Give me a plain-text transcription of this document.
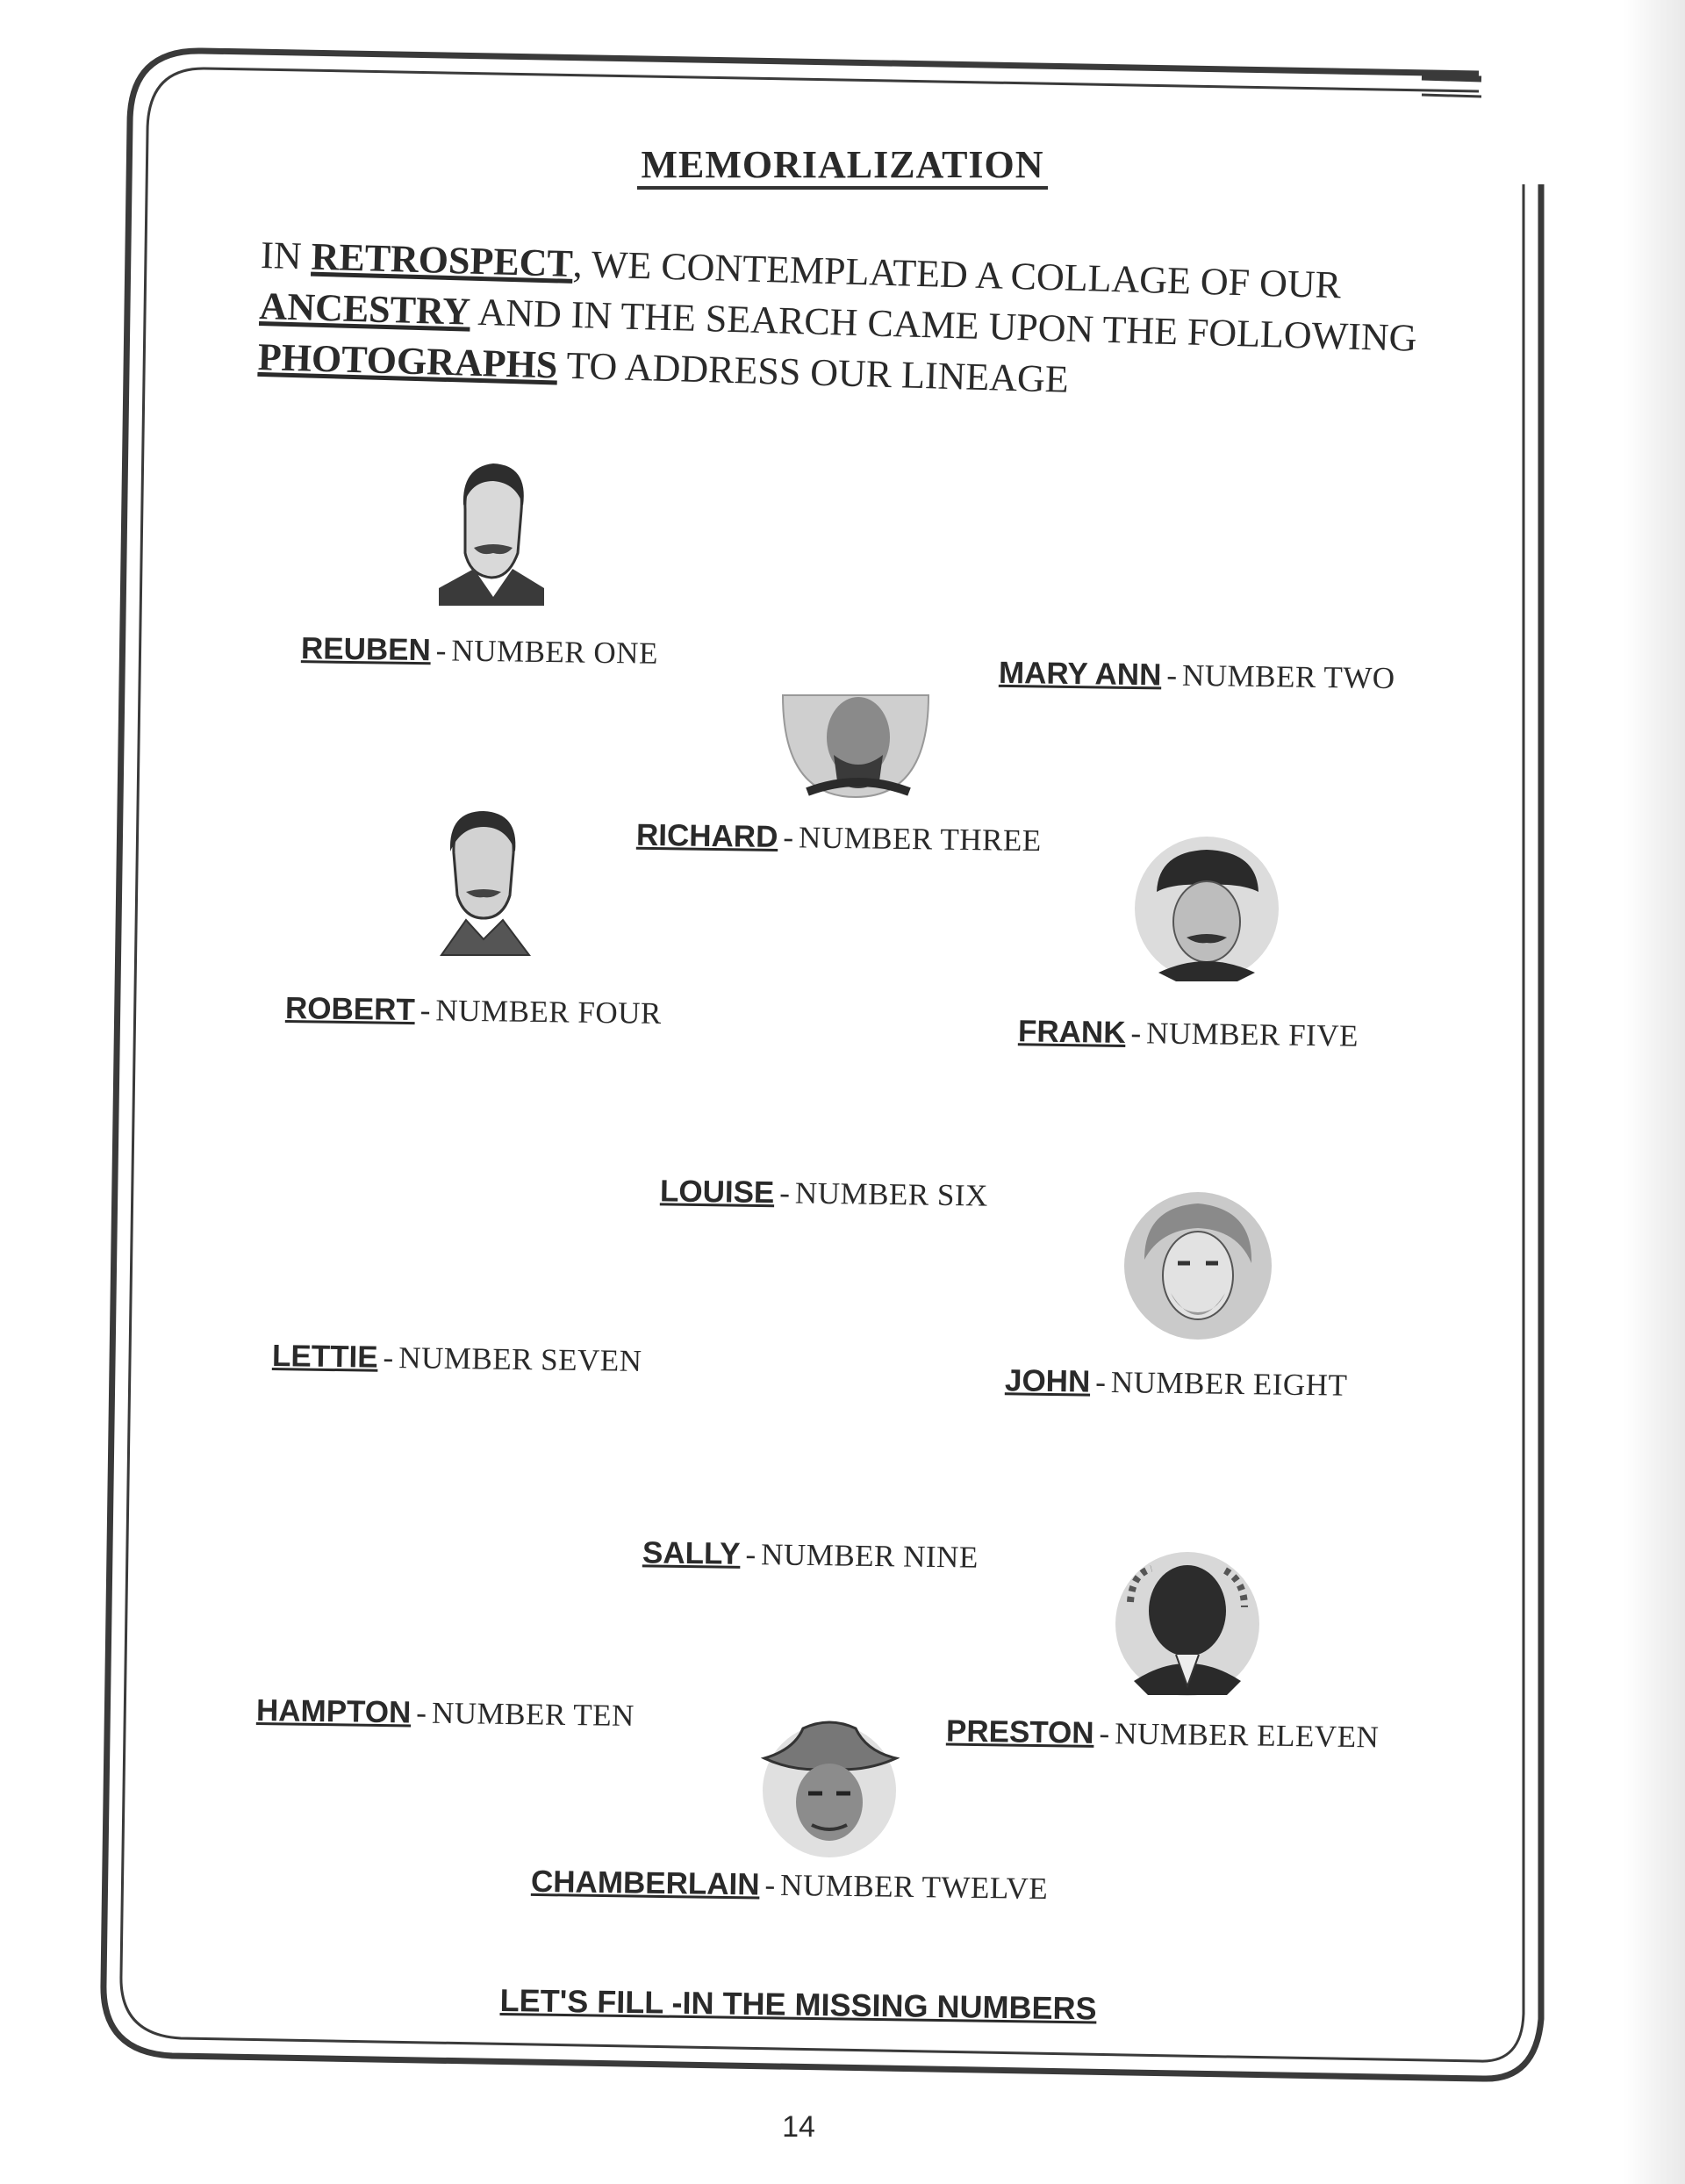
MEMORIALIZATION
IN RETROSPECT, WE CONTEMPLATED A COLLAGE OF OUR
ANCESTRY AND IN THE SEARCH CAME UPON THE FOLLOWING
PHOTOGRAPHS TO ADDRESS OUR LINEAGE
REUBEN - NUMBER ONE
MARY ANN - NUMBER TWO
RICHARD - NUMBER THREE
ROBERT - NUMBER FOUR
FRANK - NUMBER FIVE
LOUISE - NUMBER SIX
LETTIE - NUMBER SEVEN
JOHN - NUMBER EIGHT
SALLY - NUMBER NINE
HAMPTON - NUMBER TEN	PRESTON - NUMBER ELEVEN
CHAMBERLAIN - NUMBER TWELVE
LET'S FILL -IN THE MISSING NUMBERS
14
